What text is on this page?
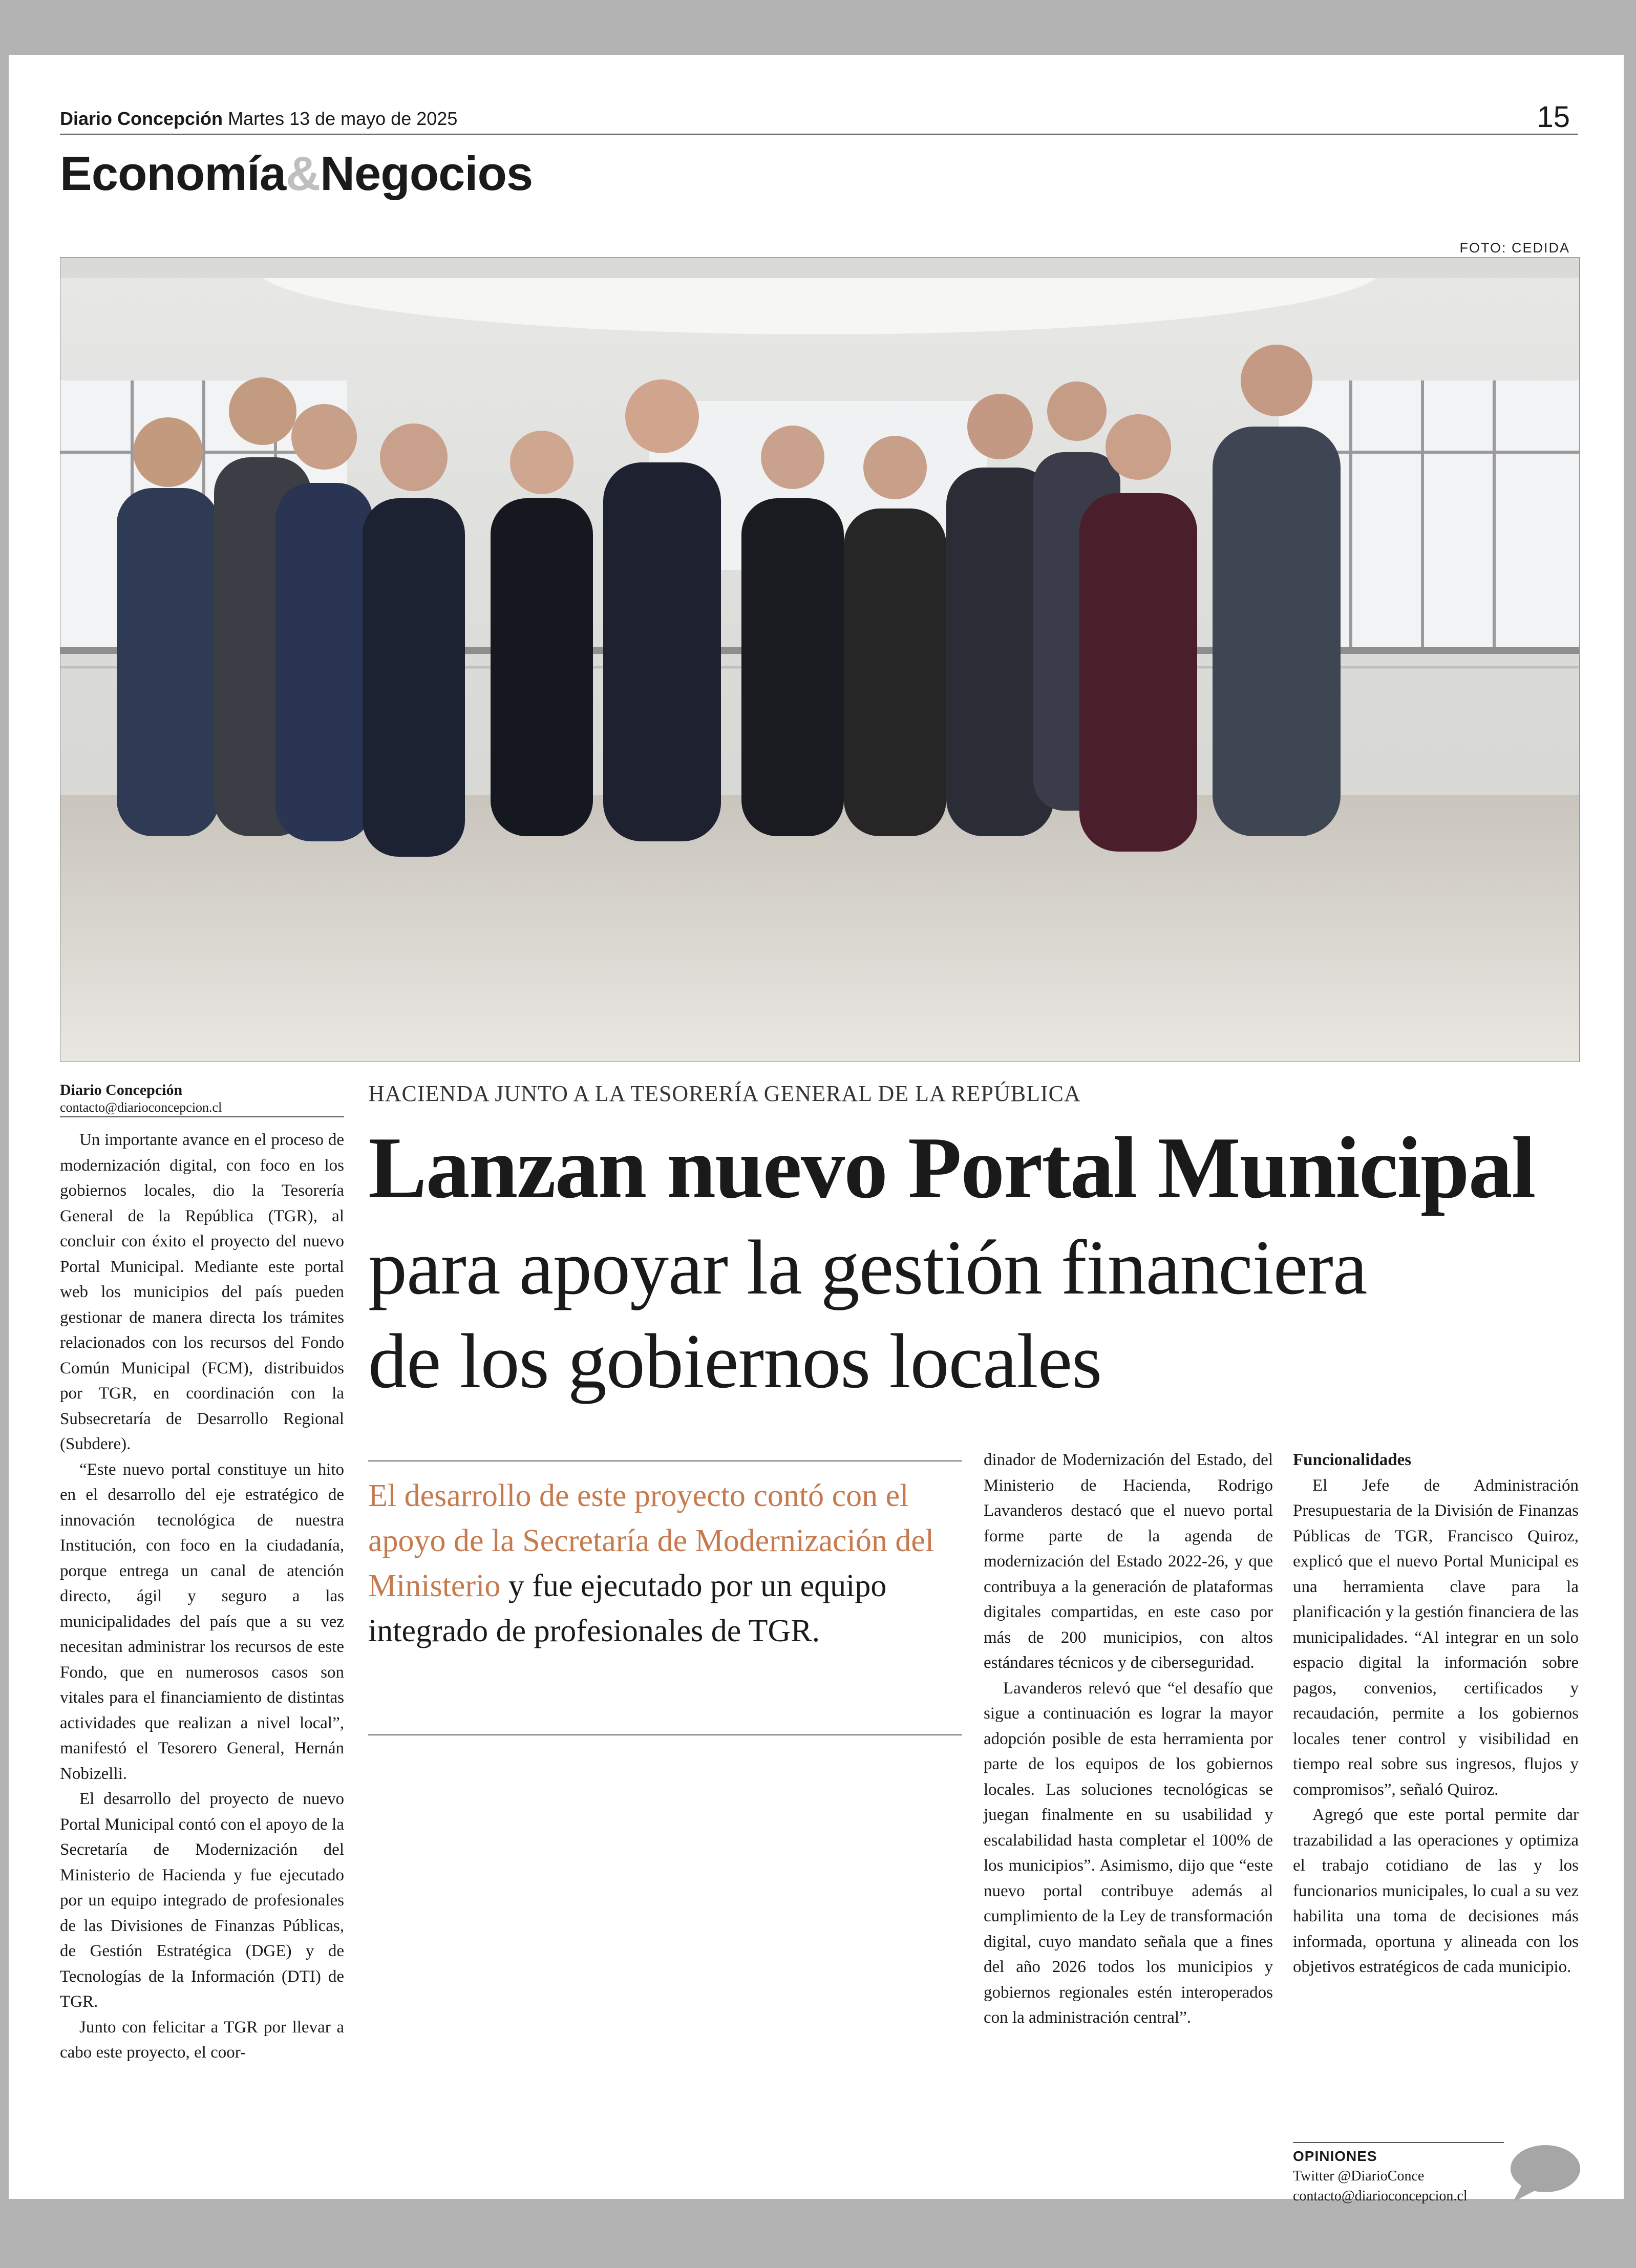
Diario Concepción Martes 13 de mayo de 2025	15
Economía&Negocios
FOTO: CEDIDA
Diario Concepción
contacto@diarioconcepcion.cl

Un importante avance en el proceso de modernización digital, con foco en los gobiernos locales, dio la Tesorería General de la República (TGR), al concluir con éxito el proyecto del nuevo Portal Municipal. Mediante este portal web los municipios del país pueden gestionar de manera directa los trámites relacionados con los recursos del Fondo Común Municipal (FCM), distribuidos por TGR, en coordinación con la Subsecretaría de Desarrollo Regional (Subdere).

“Este nuevo portal constituye un hito en el desarrollo del eje estratégico de innovación tecnológica de nuestra Institución, con foco en la ciudadanía, porque entrega un canal de atención directo, ágil y seguro a las municipalidades del país que a su vez necesitan administrar los recursos de este Fondo, que en numerosos casos son vitales para el financiamiento de distintas actividades que realizan a nivel local”, manifestó el Tesorero General, Hernán Nobizelli.

El desarrollo del proyecto de nuevo Portal Municipal contó con el apoyo de la Secretaría de Modernización del Ministerio de Hacienda y fue ejecutado por un equipo integrado de profesionales de las Divisiones de Finanzas Públicas, de Gestión Estratégica (DGE) y de Tecnologías de la Información (DTI) de TGR.

Junto con felicitar a TGR por llevar a cabo este proyecto, el coor-

HACIENDA JUNTO A LA TESORERÍA GENERAL DE LA REPÚBLICA
Lanzan nuevo Portal Municipal
para apoyar la gestión financiera
de los gobiernos locales
El desarrollo de este proyecto contó con el apoyo de la Secretaría de Modernización del Ministerio y fue ejecutado por un equipo integrado de profesionales de TGR.

dinador de Modernización del Estado, del Ministerio de Hacienda, Rodrigo Lavanderos destacó que el nuevo portal forme parte de la agenda de modernización del Estado 2022-26, y que contribuya a la generación de plataformas digitales compartidas, en este caso por más de 200 municipios, con altos estándares técnicos y de ciberseguridad.

Lavanderos relevó que “el desafío que sigue a continuación es lograr la mayor adopción posible de esta herramienta por parte de los equipos de los gobiernos locales. Las soluciones tecnológicas se juegan finalmente en su usabilidad y escalabilidad hasta completar el 100% de los municipios”. Asimismo, dijo que “este nuevo portal contribuye además al cumplimiento de la Ley de transformación digital, cuyo mandato señala que a fines del año 2026 todos los municipios y gobiernos regionales estén interoperados con la administración central”.

Funcionalidades

El Jefe de Administración Presupuestaria de la División de Finanzas Públicas de TGR, Francisco Quiroz, explicó que el nuevo Portal Municipal es una herramienta clave para la planificación y la gestión financiera de las municipalidades. “Al integrar en un solo espacio digital la información sobre pagos, convenios, certificados y recaudación, permite a los gobiernos locales tener control y visibilidad en tiempo real sobre sus ingresos, flujos y compromisos”, señaló Quiroz.

Agregó que este portal permite dar trazabilidad a las operaciones y optimiza el trabajo cotidiano de las y los funcionarios municipales, lo cual a su vez habilita una toma de decisiones más informada, oportuna y alineada con los objetivos estratégicos de cada municipio.

OPINIONES
Twitter @DiarioConce
contacto@diarioconcepcion.cl
